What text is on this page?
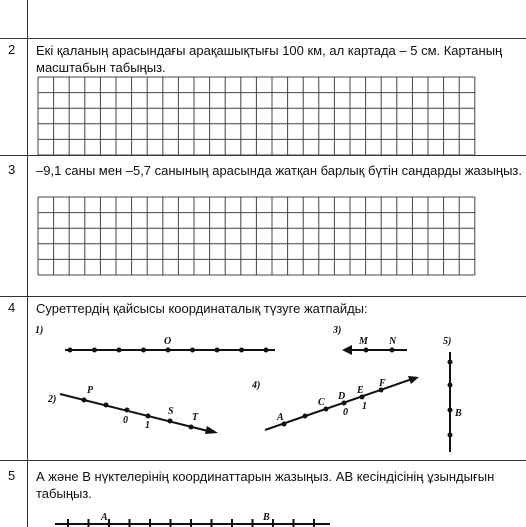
2 Екі қаланың арасындағы арақашықтығы 100 км, ал картада – 5 см. Картаның масштабын табыңыз.
3 –9,1 саны мен –5,7 санының арасында жатқан барлық бүтін сандарды жазыңыз.
4 Суреттердің қайсысы координаталық түзуге жатпайды:
5 А және В нүктелерінің координаттарын жазыңыз. АВ кесіндісінің ұзындығын табыңыз.
1)
O
2)
P
0 1
S
T
3)
M N
4)
A
C
D
E
F
0
1
5)
B
A	B
